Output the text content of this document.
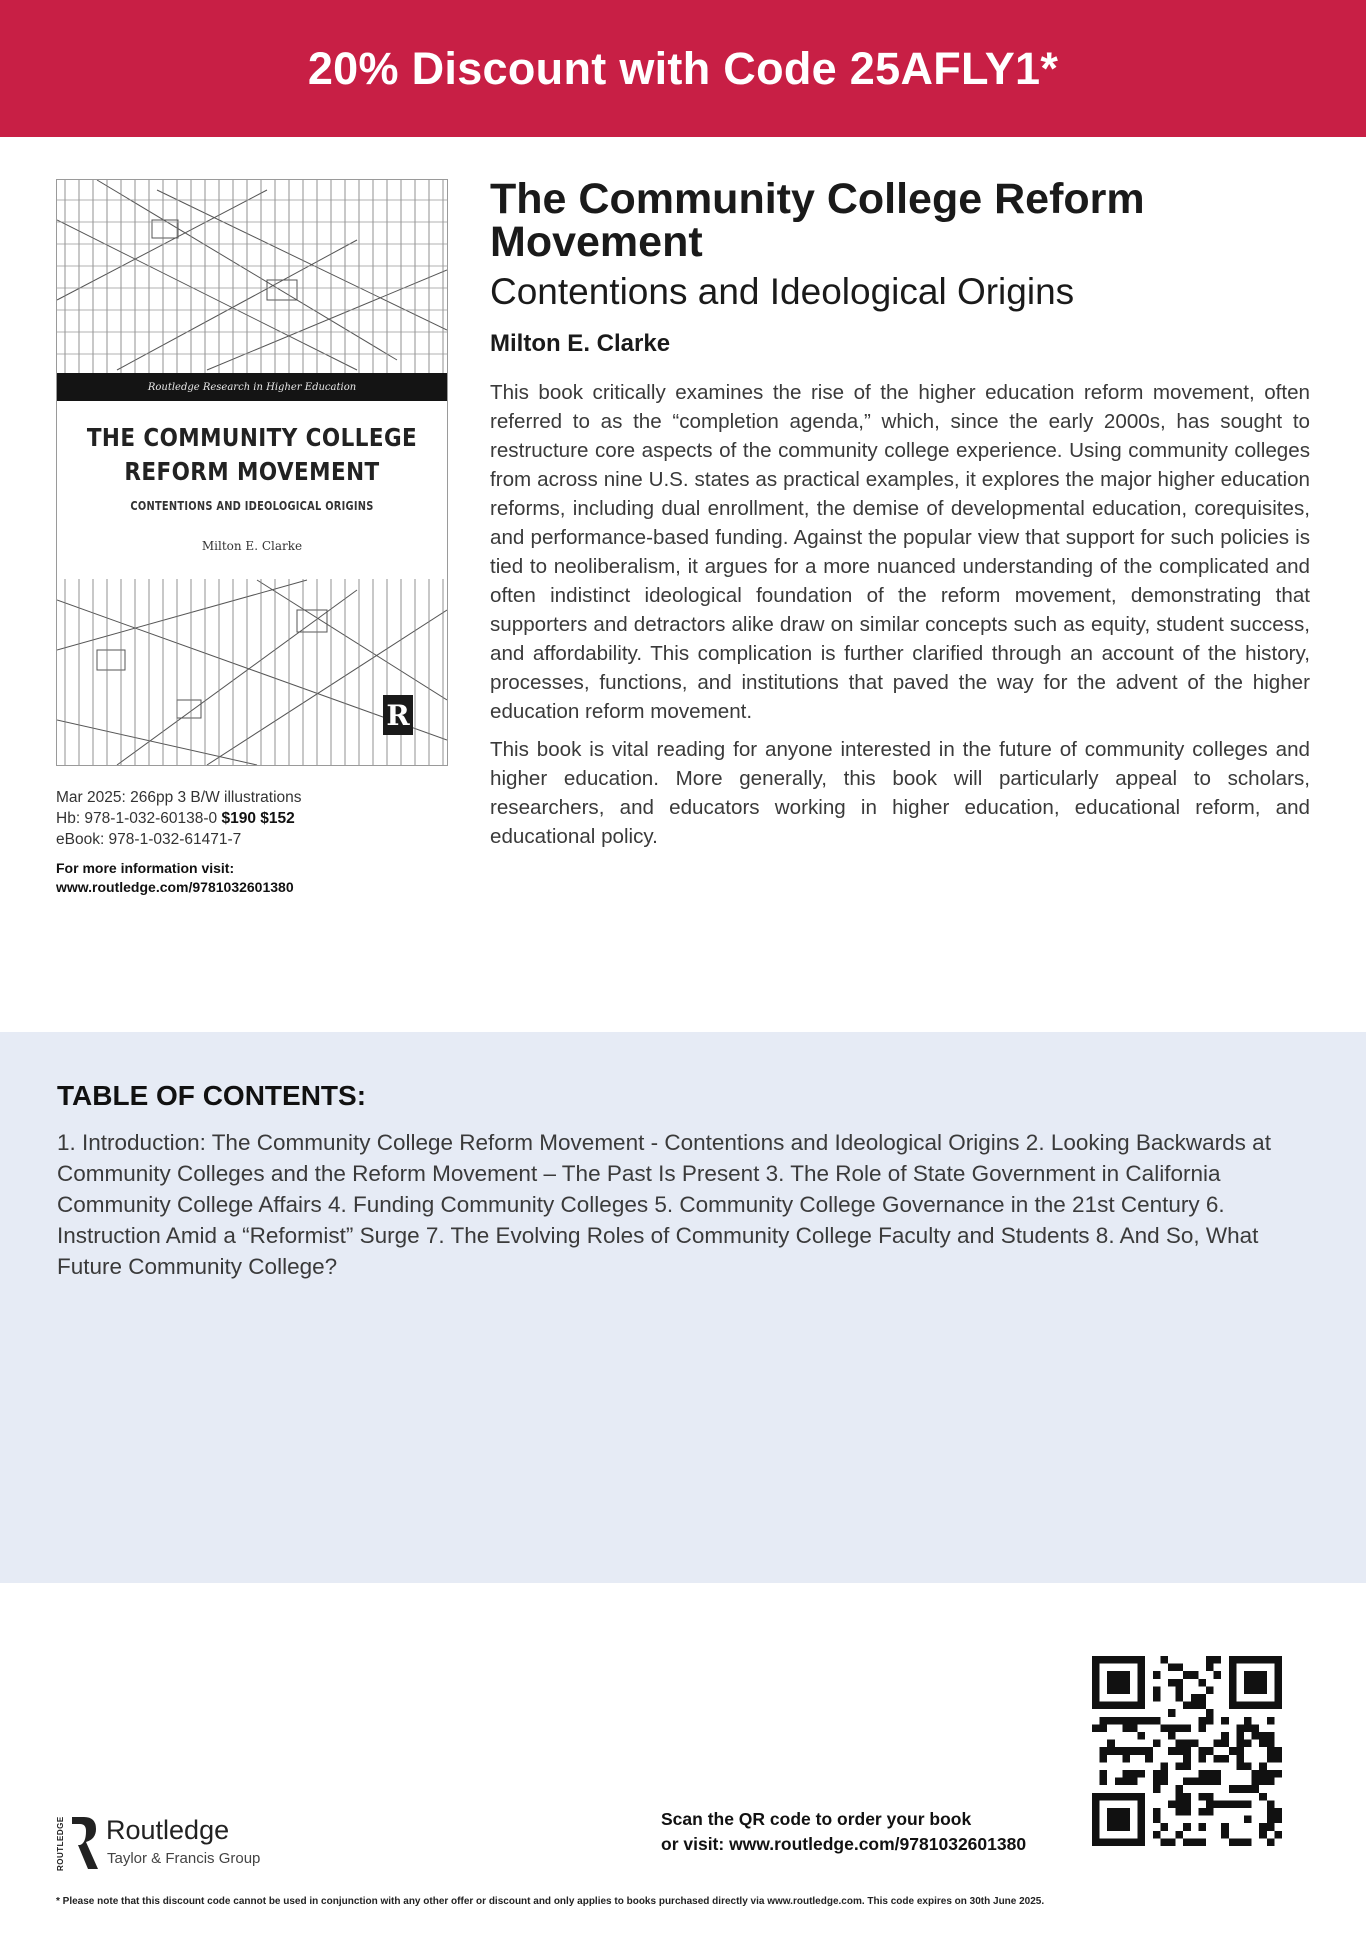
20% Discount with Code 25AFLY1*
Routledge Research in Higher Education
THE COMMUNITY COLLEGE
REFORM MOVEMENT
CONTENTIONS AND IDEOLOGICAL ORIGINS
Milton E. Clarke
R
Mar 2025: 266pp 3 B/W illustrations
Hb: 978-1-032-60138-0 $190 $152
eBook: 978-1-032-61471-7
For more information visit:
www.routledge.com/9781032601380
The Community College Reform Movement
Contentions and Ideological Origins
Milton E. Clarke

This book critically examines the rise of the higher education reform movement, often referred to as the “completion agenda,” which, since the early 2000s, has sought to restructure core aspects of the community college experience. Using community colleges from across nine U.S. states as practical examples, it explores the major higher education reforms, including dual enrollment, the demise of developmental education, corequisites, and performance-based funding. Against the popular view that support for such policies is tied to neoliberalism, it argues for a more nuanced understanding of the complicated and often indistinct ideological foundation of the reform movement, demonstrating that supporters and detractors alike draw on similar concepts such as equity, student success, and affordability. This complication is further clarified through an account of the history, processes, functions, and institutions that paved the way for the advent of the higher education reform movement.

This book is vital reading for anyone interested in the future of community colleges and higher education. More generally, this book will particularly appeal to scholars, researchers, and educators working in higher education, educational reform, and educational policy.

TABLE OF CONTENTS:
1. Introduction: The Community College Reform Movement - Contentions and Ideological Origins 2. Looking Backwards at Community Colleges and the Reform Movement – The Past Is Present 3. The Role of State Government in California Community College Affairs 4. Funding Community Colleges 5. Community College Governance in the 21st Century 6. Instruction Amid a “Reformist” Surge 7. The Evolving Roles of Community College Faculty and Students 8. And So, What Future Community College?
ROUTLEDGE Routledge
Taylor & Francis Group
Scan the QR code to order your book
or visit: www.routledge.com/9781032601380
* Please note that this discount code cannot be used in conjunction with any other offer or discount and only applies to books purchased directly via www.routledge.com. This code expires on 30th June 2025.
